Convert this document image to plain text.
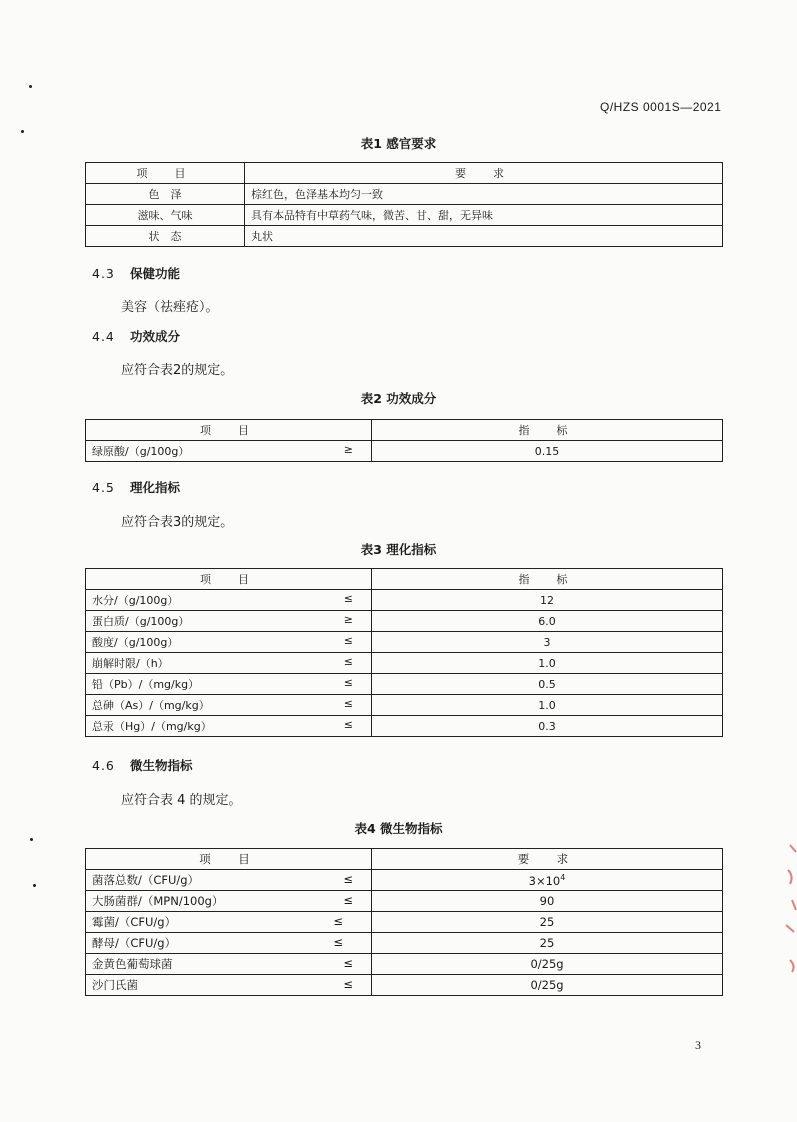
Q/HZS 0001S—2021
表1 感官要求
项　目	要　求
色　泽	棕红色，色泽基本均匀一致
滋味、气味	具有本品特有中草药气味，微苦、甘、甜，无异味
状　态	丸状
4.3 保健功能
美容（祛痤疮）。
4.4 功效成分
应符合表2的规定。
表2 功效成分
项　目	指　标
绿原酸/（g/100g） ≥	0.15
4.5 理化指标
应符合表3的规定。
表3 理化指标
项　目	指　标
水分/（g/100g） ≤	12
蛋白质/（g/100g） ≥	6.0
酸度/（g/100g） ≤	3
崩解时限/（h） ≤	1.0
铅（Pb）/（mg/kg） ≤	0.5
总砷（As）/（mg/kg） ≤	1.0
总汞（Hg）/（mg/kg） ≤	0.3
4.6 微生物指标
应符合表 4 的规定。
表4 微生物指标
项　目	要　求
菌落总数/（CFU/g） ≤	$3\times 10^4$
大肠菌群/（MPN/100g） ≤	90
霉菌/（CFU/g） ≤	25
酵母/（CFU/g） ≤	25
金黄色葡萄球菌 ≤	0/25g
沙门氏菌 ≤	0/25g
3
